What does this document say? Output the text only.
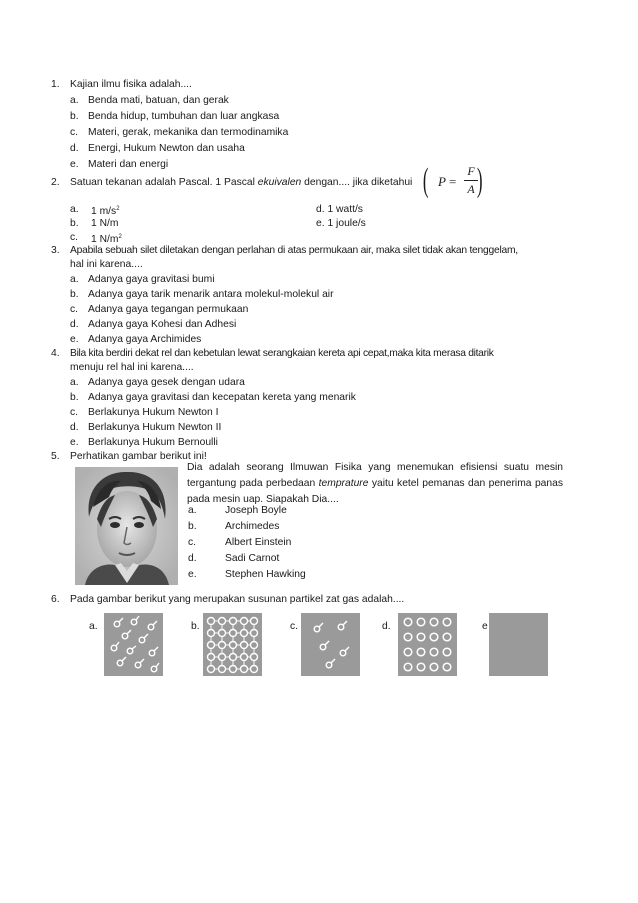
1. Kajian ilmu fisika adalah....
a. Benda mati, batuan, dan gerak
b. Benda hidup, tumbuhan dan luar angkasa
c. Materi, gerak, mekanika dan termodinamika
d. Energi, Hukum Newton dan usaha
e. Materi dan energi
2. Satuan tekanan adalah Pascal. 1 Pascal ekuivalen dengan.... jika diketahui ( P =
F
A )
a. 1 $m/s^2$
b. 1 N/m
c. 1 $N/m^2$
d. 1 watt/s
e. 1 joule/s
3. Apabila sebuah silet diletakan dengan perlahan di atas permukaan air, maka silet tidak akan tenggelam,
hal ini karena....
a. Adanya gaya gravitasi bumi
b. Adanya gaya tarik menarik antara molekul-molekul air
c. Adanya gaya tegangan permukaan
d. Adanya gaya Kohesi dan Adhesi
e. Adanya gaya Archimides
4. Bila kita berdiri dekat rel dan kebetulan lewat serangkaian kereta api cepat,maka kita merasa ditarik
menuju rel hal ini karena....
a. Adanya gaya gesek dengan udara
b. Adanya gaya gravitasi dan kecepatan kereta yang menarik
c. Berlakunya Hukum Newton I
d. Berlakunya Hukum Newton II
e. Berlakunya Hukum Bernoulli
5. Perhatikan gambar berikut ini!
Dia adalah seorang Ilmuwan Fisika yang menemukan efisiensi suatu mesin tergantung pada perbedaan temprature yaitu ketel pemanas dan penerima panas pada mesin uap. Siapakah Dia....
a.	Joseph Boyle
b.	Archimedes
c.	Albert Einstein
d.	Sadi Carnot
e.	Stephen Hawking
6. Pada gambar berikut yang merupakan susunan partikel zat gas adalah....
a.	b.	c.	d.	e
